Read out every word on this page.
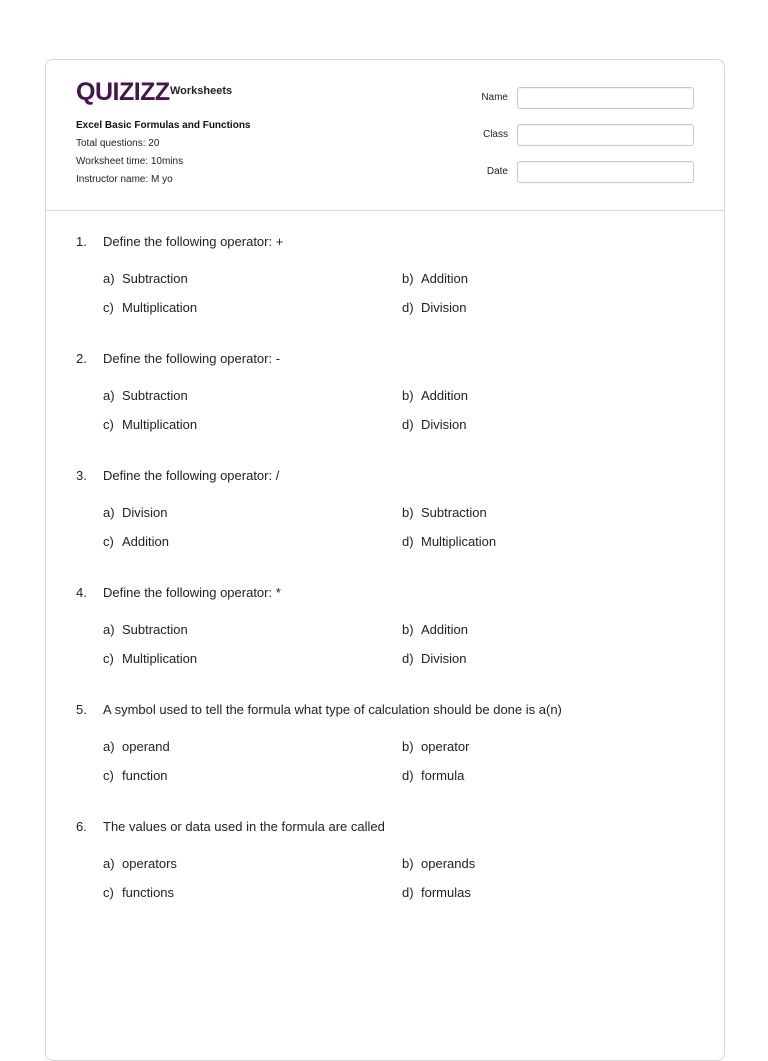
QUIZIZZ Worksheets
Excel Basic Formulas and Functions
Total questions: 20
Worksheet time: 10mins
Instructor name: M yo
Name
Class
Date
1. Define the following operator: +
a) Subtraction	b) Addition
c) Multiplication	d) Division
2. Define the following operator: -
a) Subtraction	b) Addition
c) Multiplication	d) Division
3. Define the following operator: /
a) Division	b) Subtraction
c) Addition	d) Multiplication
4. Define the following operator: *
a) Subtraction	b) Addition
c) Multiplication	d) Division
5. A symbol used to tell the formula what type of calculation should be done is a(n)
a) operand	b) operator
c) function	d) formula
6. The values or data used in the formula are called
a) operators	b) operands
c) functions	d) formulas
